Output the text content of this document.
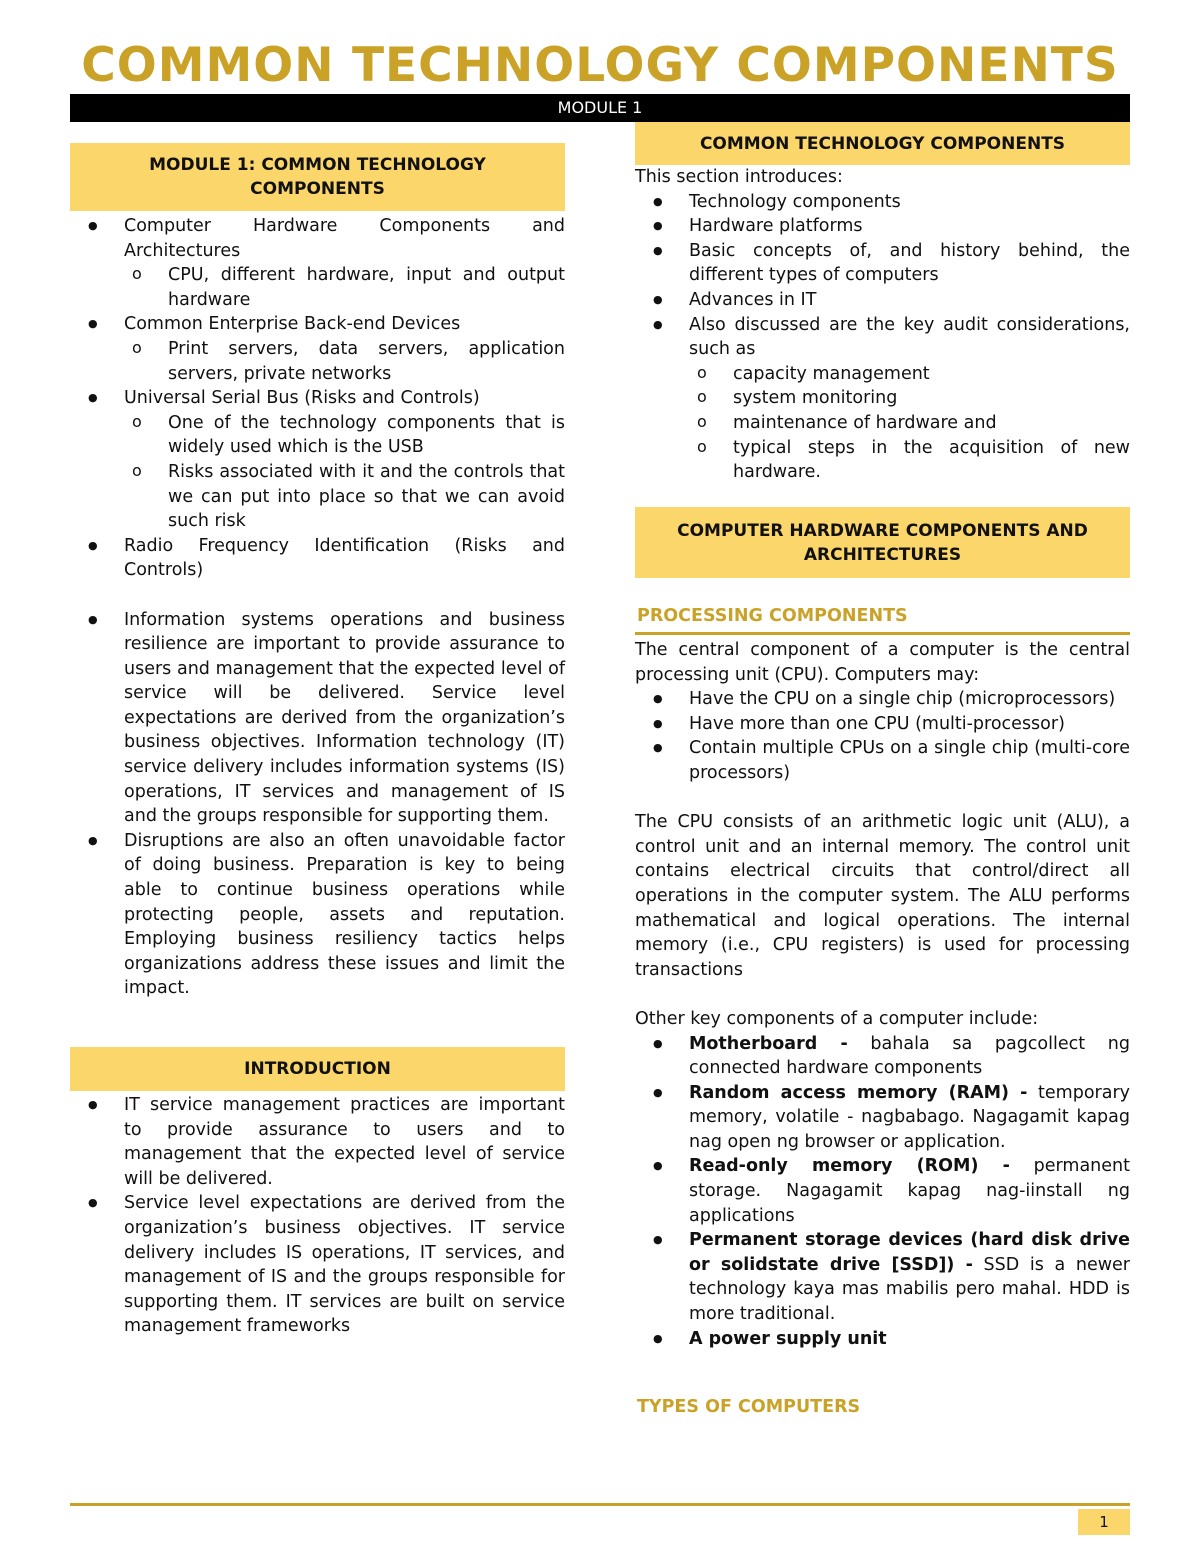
COMMON TECHNOLOGY COMPONENTS
MODULE 1
MODULE 1: COMMON TECHNOLOGY
COMPONENTS
● Computer Hardware Components and Architectures
o CPU, different hardware, input and output hardware
● Common Enterprise Back-end Devices
o Print servers, data servers, application servers, private networks
● Universal Serial Bus (Risks and Controls)
o One of the technology components that is widely used which is the USB
o Risks associated with it and the controls that we can put into place so that we can avoid such risk
● Radio Frequency Identification (Risks and Controls)
● Information systems operations and business resilience are important to provide assurance to users and management that the expected level of service will be delivered. Service level expectations are derived from the organization’s business objectives. Information technology (IT) service delivery includes information systems (IS) operations, IT services and management of IS and the groups responsible for supporting them.
● Disruptions are also an often unavoidable factor of doing business. Preparation is key to being able to continue business operations while protecting people, assets and reputation. Employing business resiliency tactics helps organizations address these issues and limit the impact.
INTRODUCTION
● IT service management practices are important to provide assurance to users and to management that the expected level of service will be delivered.
● Service level expectations are derived from the organization’s business objectives. IT service delivery includes IS operations, IT services, and management of IS and the groups responsible for supporting them. IT services are built on service management frameworks
COMMON TECHNOLOGY COMPONENTS
This section introduces:
● Technology components
● Hardware platforms
● Basic concepts of, and history behind, the different types of computers
● Advances in IT
● Also discussed are the key audit considerations, such as
o capacity management
o system monitoring
o maintenance of hardware and
o typical steps in the acquisition of new hardware.
COMPUTER HARDWARE COMPONENTS AND
ARCHITECTURES
PROCESSING COMPONENTS
The central component of a computer is the central processing unit (CPU). Computers may:
● Have the CPU on a single chip (microprocessors)
● Have more than one CPU (multi-processor)
● Contain multiple CPUs on a single chip (multi-core processors)
The CPU consists of an arithmetic logic unit (ALU), a control unit and an internal memory. The control unit contains electrical circuits that control/direct all operations in the computer system. The ALU performs mathematical and logical operations. The internal memory (i.e., CPU registers) is used for processing transactions
Other key components of a computer include:
● Motherboard - bahala sa pagcollect ng connected hardware components
● Random access memory (RAM) - temporary memory, volatile - nagbabago. Nagagamit kapag nag open ng browser or application.
● Read-only memory (ROM) - permanent storage. Nagagamit kapag nag-iinstall ng applications
● Permanent storage devices (hard disk drive or solidstate drive [SSD]) - SSD is a newer technology kaya mas mabilis pero mahal. HDD is more traditional.
● A power supply unit
TYPES OF COMPUTERS
1
